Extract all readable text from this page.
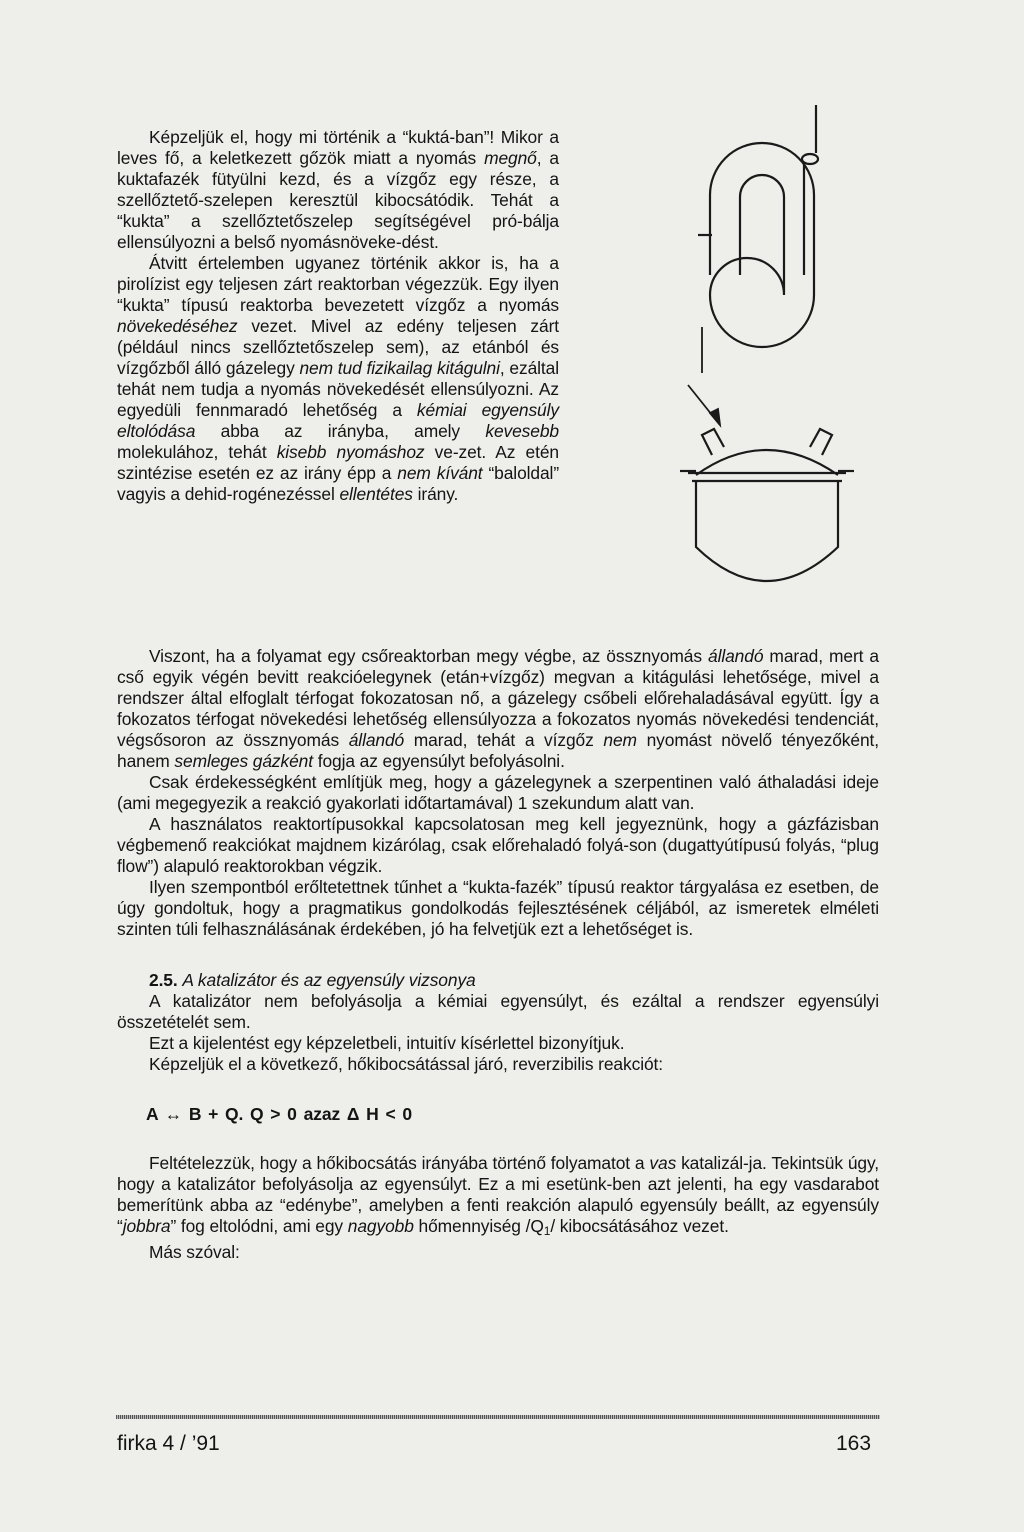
Képzeljük el, hogy mi történik a “kuktá-ban”! Mikor a leves fő, a keletkezett gőzök miatt a nyomás megnő, a kuktafazék fütyülni kezd, és a vízgőz egy része, a szellőztető-szelepen keresztül kibocsátódik. Tehát a “kukta” a szellőztetőszelep segítségével pró-bálja ellensúlyozni a belső nyomásnöveke-dést.

Átvitt értelemben ugyanez történik akkor is, ha a pirolízist egy teljesen zárt reaktorban végezzük. Egy ilyen “kukta” típusú reaktorba bevezetett vízgőz a nyomás növekedéséhez vezet. Mivel az edény teljesen zárt (például nincs szellőztetőszelep sem), az etánból és vízgőzből álló gázelegy nem tud fizikailag kitágulni, ezáltal tehát nem tudja a nyomás növekedését ellensúlyozni. Az egyedüli fennmaradó lehetőség a kémiai egyensúly eltolódása abba az irányba, amely kevesebb molekulához, tehát kisebb nyomáshoz ve-zet. Az etén szintézise esetén ez az irány épp a nem kívánt “baloldal” vagyis a dehid-rogénezéssel ellentétes irány.

Viszont, ha a folyamat egy csőreaktorban megy végbe, az össznyomás állandó marad, mert a cső egyik végén bevitt reakcióelegynek (etán+vízgőz) megvan a kitágulási lehetősége, mivel a rendszer által elfoglalt térfogat fokozatosan nő, a gázelegy csőbeli előrehaladásával együtt. Így a fokozatos térfogat növekedési lehetőség ellensúlyozza a fokozatos nyomás növekedési tendenciát, végsősoron az össznyomás állandó marad, tehát a vízgőz nem nyomást növelő tényezőként, hanem semleges gázként fogja az egyensúlyt befolyásolni.

Csak érdekességként említjük meg, hogy a gázelegynek a szerpentinen való áthaladási ideje (ami megegyezik a reakció gyakorlati időtartamával) 1 szekundum alatt van.

A használatos reaktortípusokkal kapcsolatosan meg kell jegyeznünk, hogy a gázfázisban végbemenő reakciókat majdnem kizárólag, csak előrehaladó folyá-son (dugattyútípusú folyás, “plug flow”) alapuló reaktorokban végzik.

Ilyen szempontból erőltetettnek tűnhet a “kukta-fazék” típusú reaktor tárgyalása ez esetben, de úgy gondoltuk, hogy a pragmatikus gondolkodás fejlesztésének céljából, az ismeretek elméleti szinten túli felhasználásának érdekében, jó ha felvetjük ezt a lehetőséget is.

2.5. A katalizátor és az egyensúly vizsonya

A katalizátor nem befolyásolja a kémiai egyensúlyt, és ezáltal a rendszer egyensúlyi összetételét sem.

Ezt a kijelentést egy képzeletbeli, intuitív kísérlettel bizonyítjuk.

Képzeljük el a következő, hőkibocsátással járó, reverzibilis reakciót:

A ↔ B + Q. Q > 0 azaz Δ H < 0

Feltételezzük, hogy a hőkibocsátás irányába történő folyamatot a vas katalizál-ja. Tekintsük úgy, hogy a katalizátor befolyásolja az egyensúlyt. Ez a mi esetünk-ben azt jelenti, ha egy vasdarabot bemerítünk abba az “edénybe”, amelyben a fenti reakción alapuló egyensúly beállt, az egyensúly “jobbra” fog eltolódni, ami egy nagyobb hőmennyiség $/Q_1/$ kibocsátásához vezet.

Más szóval:

firka 4 / ’91	163
